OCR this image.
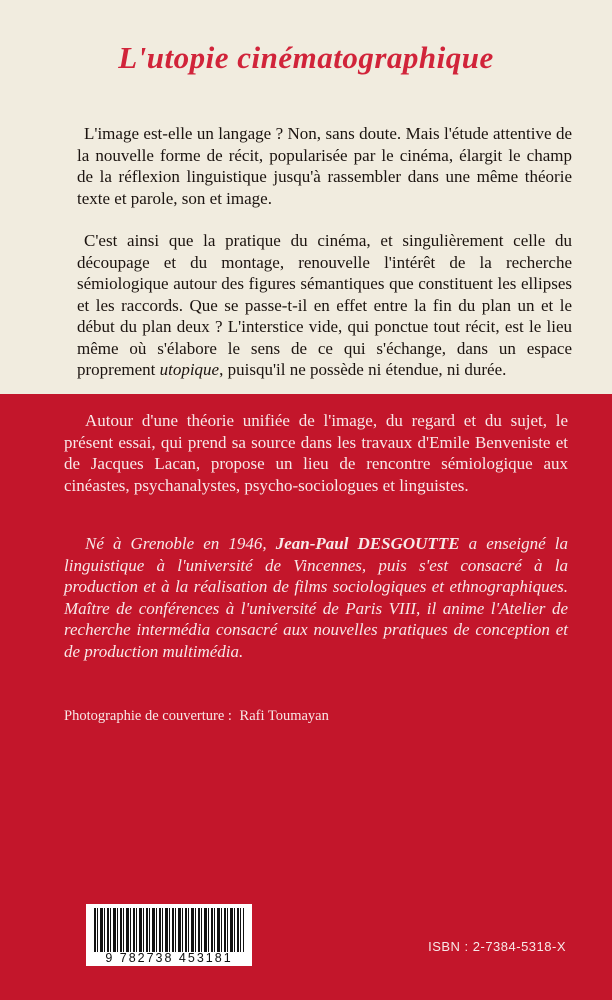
L'utopie cinématographique

L'image est-elle un langage ? Non, sans doute. Mais l'étude attentive de la nouvelle forme de récit, popularisée par le cinéma, élargit le champ de la réflexion linguistique jusqu'à rassembler dans une même théorie texte et parole, son et image.

C'est ainsi que la pratique du cinéma, et singulièrement celle du découpage et du montage, renouvelle l'intérêt de la recherche sémiologique autour des figures sémantiques que constituent les ellipses et les raccords. Que se passe-t-il en effet entre la fin du plan un et le début du plan deux ? L'interstice vide, qui ponctue tout récit, est le lieu même où s'élabore le sens de ce qui s'échange, dans un espace proprement utopique, puisqu'il ne possède ni étendue, ni durée.

Autour d'une théorie unifiée de l'image, du regard et du sujet, le présent essai, qui prend sa source dans les travaux d'Emile Benveniste et de Jacques Lacan, propose un lieu de rencontre sémiologique aux cinéastes, psychanalystes, psycho-sociologues et linguistes.

Né à Grenoble en 1946, Jean-Paul DESGOUTTE a enseigné la linguistique à l'université de Vincennes, puis s'est consacré à la production et à la réalisation de films sociologiques et ethnographiques. Maître de conférences à l'université de Paris VIII, il anime l'Atelier de recherche intermédia consacré aux nouvelles pratiques de conception et de production multimédia.

Photographie de couverture : Rafi Toumayan

9 782738 453181

ISBN : 2-7384-5318-X
